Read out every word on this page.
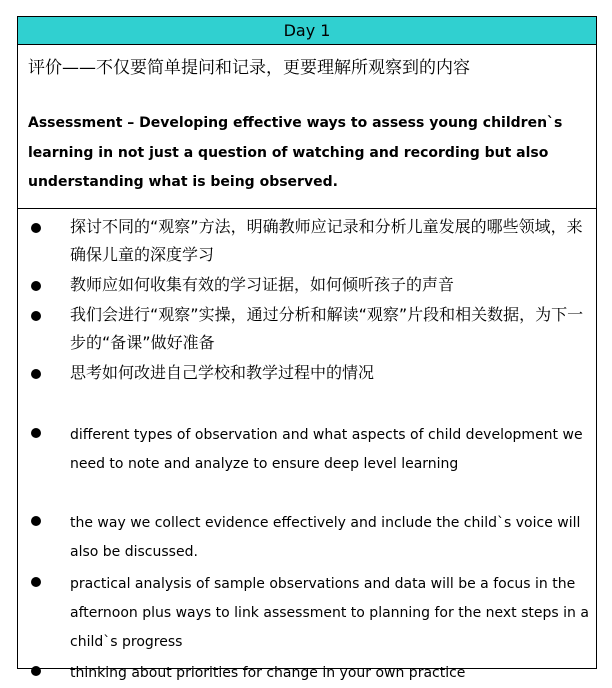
Day 1
评价——不仅要简单提问和记录，更要理解所观察到的内容
Assessment – Developing effective ways to assess young children`s learning in not just a question of watching and recording but also understanding what is being observed.
探讨不同的“观察”方法，明确教师应记录和分析儿童发展的哪些领域，来确保儿童的深度学习
教师应如何收集有效的学习证据，如何倾听孩子的声音
我们会进行“观察”实操，通过分析和解读“观察”片段和相关数据，为下一步的“备课”做好准备
思考如何改进自己学校和教学过程中的情况
different types of observation and what aspects of child development we need to note and analyze to ensure deep level learning
the way we collect evidence effectively and include the child`s voice will also be discussed.
practical analysis of sample observations and data will be a focus in the afternoon plus ways to link assessment to planning for the next steps in a child`s progress
thinking about priorities for change in your own practice
